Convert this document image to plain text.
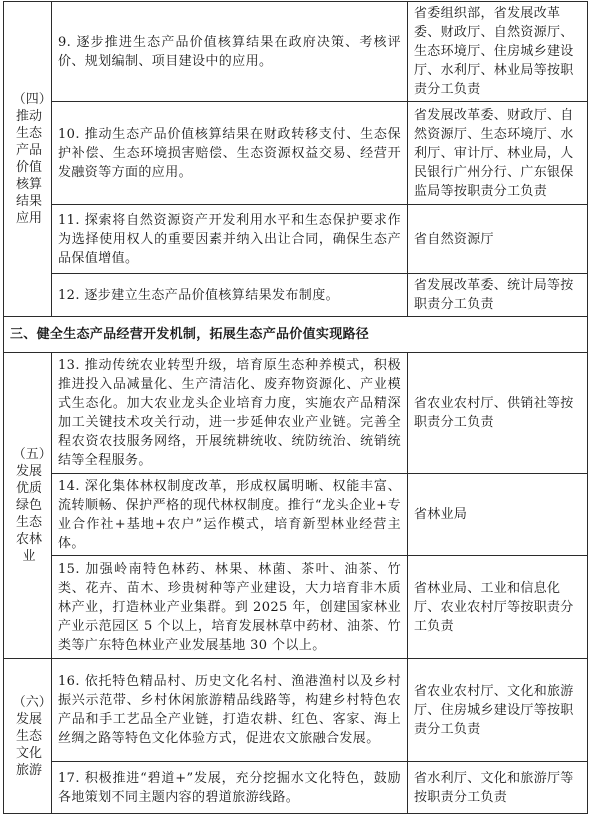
（四）推动生态产品价值核算结果应用	9. 逐步推进生态产品价值核算结果在政府决策、考核评价、规划编制、项目建设中的应用。	省委组织部，省发展改革委、财政厅、自然资源厅、生态环境厅、住房城乡建设厅、水利厅、林业局等按职责分工负责
	10. 推动生态产品价值核算结果在财政转移支付、生态保护补偿、生态环境损害赔偿、生态资源权益交易、经营开发融资等方面的应用。	省发展改革委、财政厅、自然资源厅、生态环境厅、水利厅、审计厅、林业局，人民银行广州分行、广东银保监局等按职责分工负责
	11. 探索将自然资源资产开发利用水平和生态保护要求作为选择使用权人的重要因素并纳入出让合同，确保生态产品保值增值。	省自然资源厅
	12. 逐步建立生态产品价值核算结果发布制度。	省发展改革委、统计局等按职责分工负责
三、健全生态产品经营开发机制，拓展生态产品价值实现路径		
（五）发展优质绿色生态农林业	13. 推动传统农业转型升级，培育原生态种养模式，积极推进投入品减量化、生产清洁化、废弃物资源化、产业模式生态化。加大农业龙头企业培育力度，实施农产品精深加工关键技术攻关行动，进一步延伸农业产业链。完善全程农资农技服务网络，开展统耕统收、统防统治、统销统结等全程服务。	省农业农村厅、供销社等按职责分工负责
	14. 深化集体林权制度改革，形成权属明晰、权能丰富、流转顺畅、保护严格的现代林权制度。推行“龙头企业+专业合作社+基地+农户”运作模式，培育新型林业经营主体。	省林业局
	15. 加强岭南特色林药、林果、林菌、茶叶、油茶、竹类、花卉、苗木、珍贵树种等产业建设，大力培育非木质林产业，打造林业产业集群。到 2025 年，创建国家林业产业示范园区 5 个以上，培育发展林草中药材、油茶、竹类等广东特色林业产业发展基地 30 个以上。	省林业局、工业和信息化厅、农业农村厅等按职责分工负责
（六）发展生态文化旅游	16. 依托特色精品村、历史文化名村、渔港渔村以及乡村振兴示范带、乡村休闲旅游精品线路等，构建乡村特色农产品和手工艺品全产业链，打造农耕、红色、客家、海上丝绸之路等特色文化体验方式，促进农文旅融合发展。	省农业农村厅、文化和旅游厅、住房城乡建设厅等按职责分工负责
	17. 积极推进“碧道+”发展，充分挖掘水文化特色，鼓励各地策划不同主题内容的碧道旅游线路。	省水利厅、文化和旅游厅等按职责分工负责
